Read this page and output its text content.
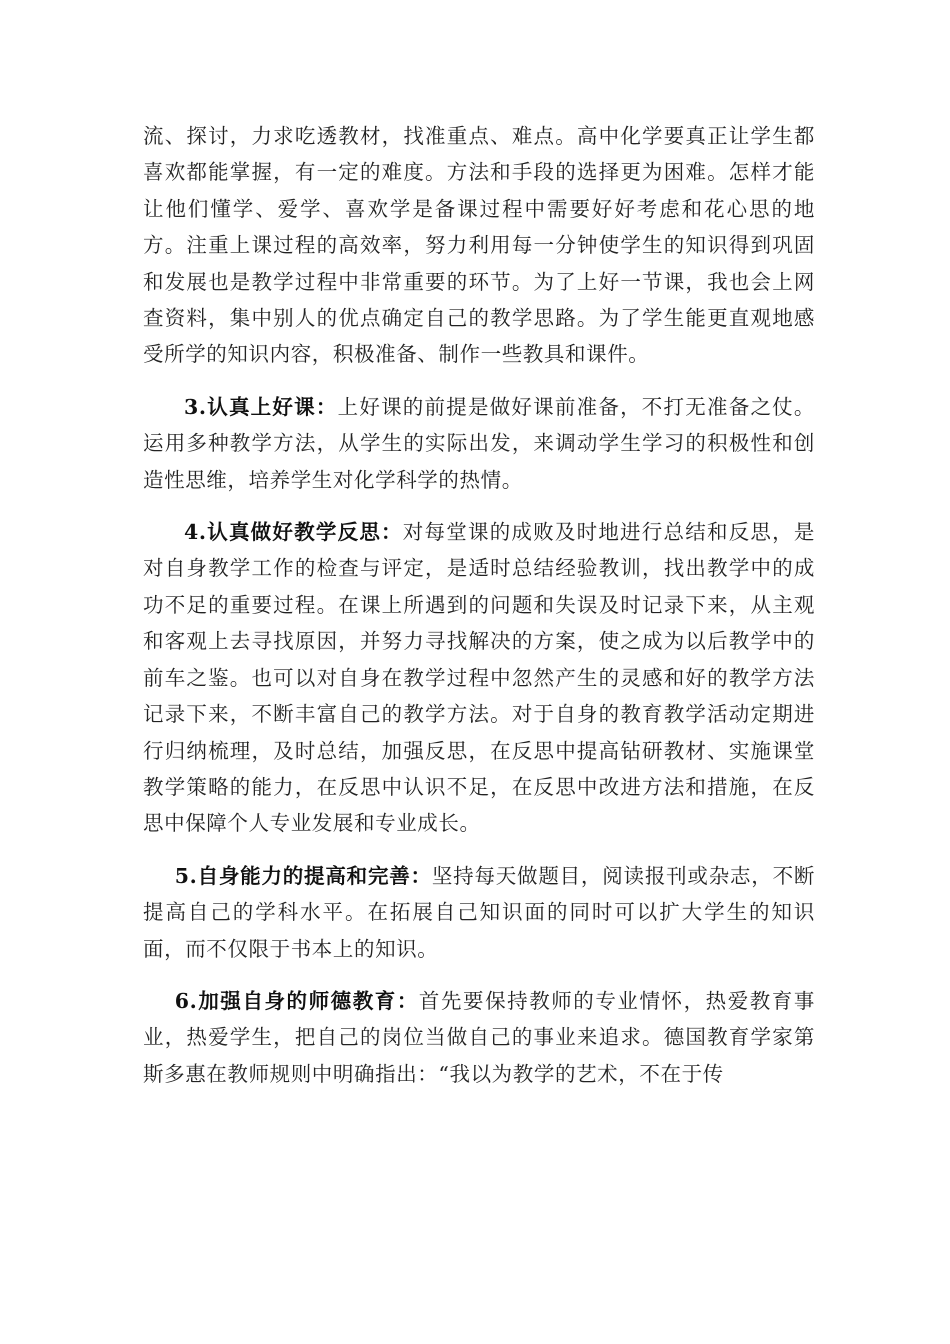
流、探讨，力求吃透教材，找准重点、难点。高中化学要真正让学生都喜欢都能掌握，有一定的难度。方法和手段的选择更为困难。怎样才能让他们懂学、爱学、喜欢学是备课过程中需要好好考虑和花心思的地方。注重上课过程的高效率，努力利用每一分钟使学生的知识得到巩固和发展也是教学过程中非常重要的环节。为了上好一节课，我也会上网查资料，集中别人的优点确定自己的教学思路。为了学生能更直观地感受所学的知识内容，积极准备、制作一些教具和课件。

3.认真上好课：上好课的前提是做好课前准备，不打无准备之仗。运用多种教学方法，从学生的实际出发，来调动学生学习的积极性和创造性思维，培养学生对化学科学的热情。

4.认真做好教学反思：对每堂课的成败及时地进行总结和反思，是对自身教学工作的检查与评定，是适时总结经验教训，找出教学中的成功不足的重要过程。在课上所遇到的问题和失误及时记录下来，从主观和客观上去寻找原因，并努力寻找解决的方案，使之成为以后教学中的前车之鉴。也可以对自身在教学过程中忽然产生的灵感和好的教学方法记录下来，不断丰富自己的教学方法。对于自身的教育教学活动定期进行归纳梳理，及时总结，加强反思，在反思中提高钻研教材、实施课堂教学策略的能力，在反思中认识不足，在反思中改进方法和措施，在反思中保障个人专业发展和专业成长。

5.自身能力的提高和完善：坚持每天做题目，阅读报刊或杂志，不断提高自己的学科水平。在拓展自己知识面的同时可以扩大学生的知识面，而不仅限于书本上的知识。

6.加强自身的师德教育：首先要保持教师的专业情怀，热爱教育事业，热爱学生，把自己的岗位当做自己的事业来追求。德国教育学家第斯多惠在教师规则中明确指出：“我以为教学的艺术，不在于传
